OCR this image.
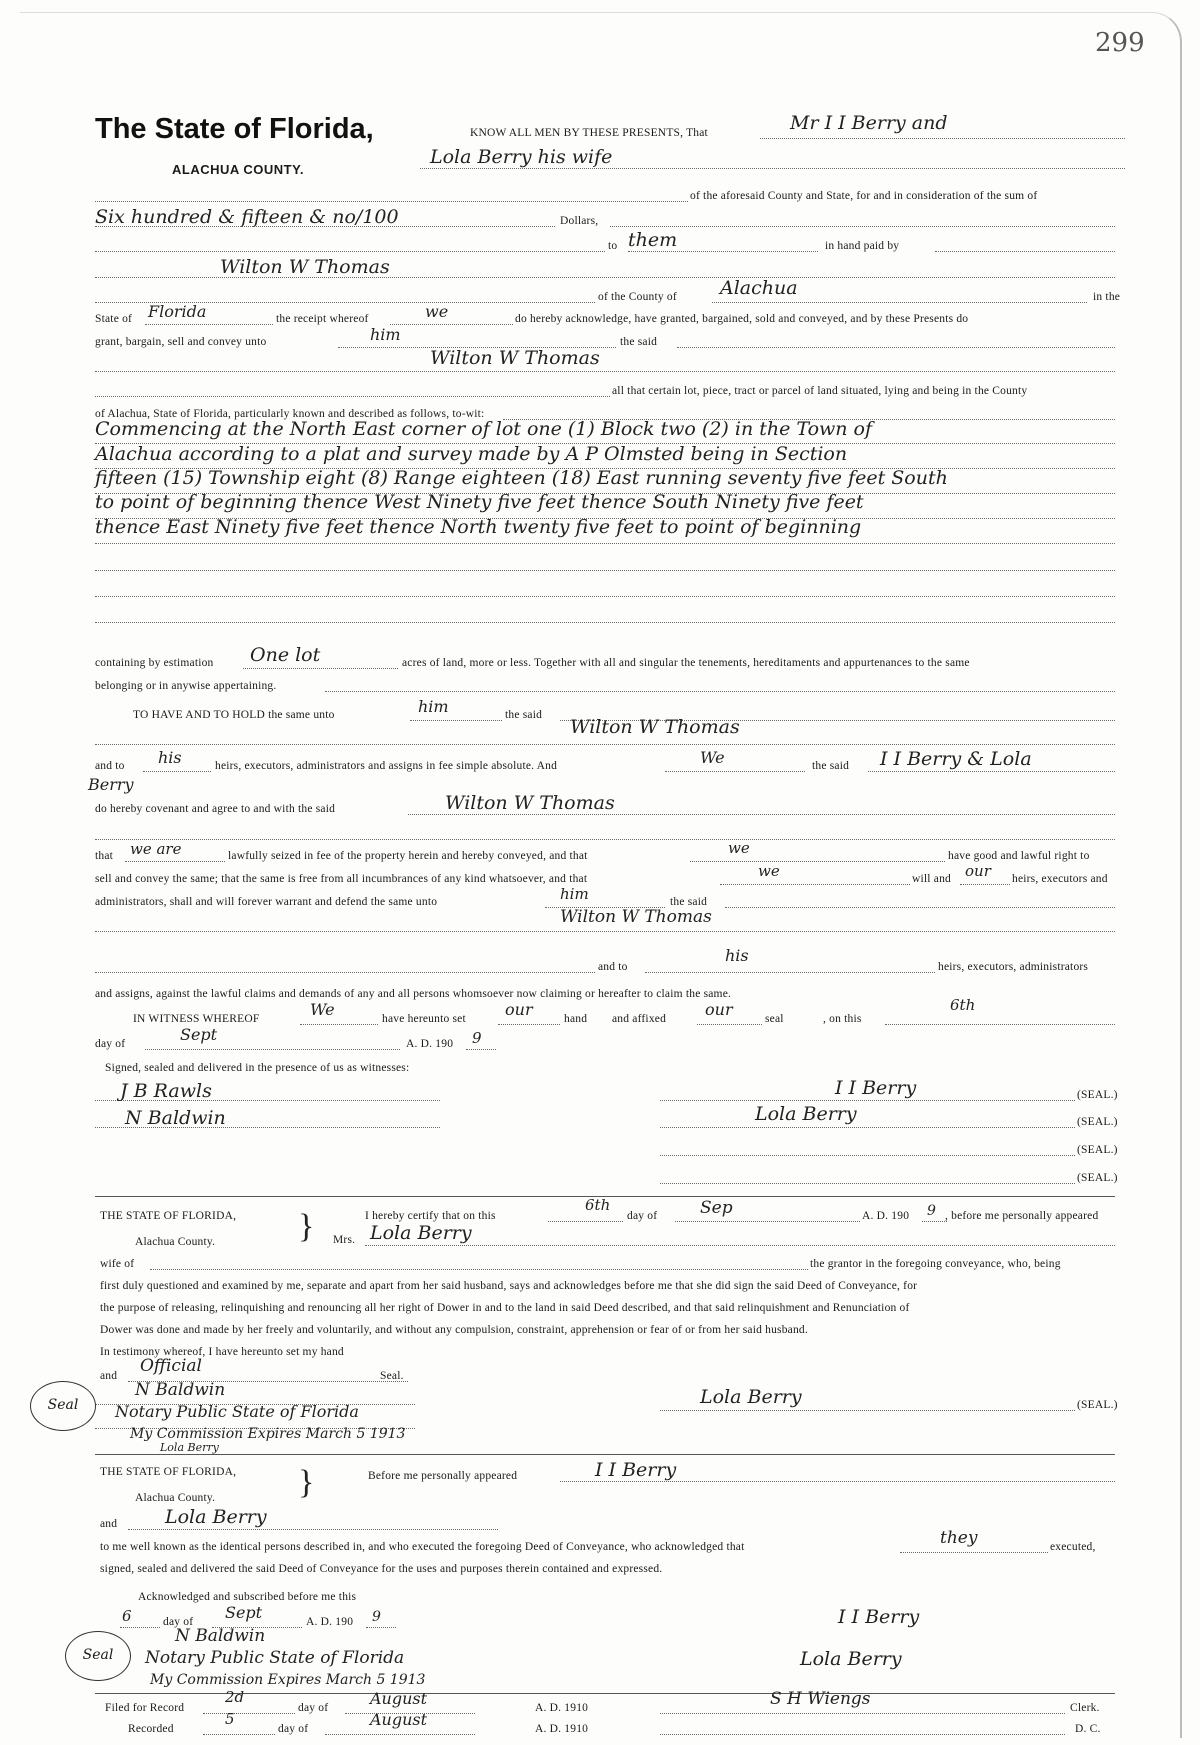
299
The State of Florida,
ALACHUA COUNTY.
KNOW ALL MEN BY THESE PRESENTS, That	Mr I I Berry and
Lola Berry his wife
of the aforesaid County and State, for and in consideration of the sum of
Six hundred & fifteen & no/100	Dollars,
to them	in hand paid by
Wilton W Thomas
of the County of Alachua	in the
State of Florida	the receipt whereof	we	do hereby acknowledge, have granted, bargained, sold and conveyed, and by these Presents do
grant, bargain, sell and convey unto	him	the said
Wilton W Thomas
all that certain lot, piece, tract or parcel of land situated, lying and being in the County
of Alachua, State of Florida, particularly known and described as follows, to-wit:
Commencing at the North East corner of lot one (1) Block two (2) in the Town of
Alachua according to a plat and survey made by A P Olmsted being in Section
fifteen (15) Township eight (8) Range eighteen (18) East running seventy five feet South
to point of beginning thence West Ninety five feet thence South Ninety five feet
thence East Ninety five feet thence North twenty five feet to point of beginning
containing by estimation One lot	acres of land, more or less. Together with all and singular the tenements, hereditaments and appurtenances to the same
belonging or in anywise appertaining.
TO HAVE AND TO HOLD the same unto	him	the said
Wilton W Thomas
and to his	heirs, executors, administrators and assigns in fee simple absolute. And	We	the said I I Berry & Lola
Berry
do hereby covenant and agree to and with the said	Wilton W Thomas
that we are	lawfully seized in fee of the property herein and hereby conveyed, and that	we	have good and lawful right to
sell and convey the same; that the same is free from all incumbrances of any kind whatsoever, and that	we	will and our heirs, executors and
administrators, shall and will forever warrant and defend the same unto	him	the said
Wilton W Thomas
and to
his
heirs, executors, administrators
and assigns, against the lawful claims and demands of any and all persons whomsoever now claiming or hereafter to claim the same.
IN WITNESS WHEREOF	We	have hereunto set our	hand and affixed our	seal	, on this
6th
day of	Sept	A. D. 190 9
Signed, sealed and delivered in the presence of us as witnesses:
J B Rawls
N Baldwin
I I Berry	(SEAL.)
Lola Berry	(SEAL.)
(SEAL.)
(SEAL.)
THE STATE OF FLORIDA,
Alachua County. }	I hereby certify that on this
6th
day of	Sep	A. D. 190 9 , before me personally appeared
Mrs. Lola Berry
wife of	the grantor in the foregoing conveyance, who, being
first duly questioned and examined by me, separate and apart from her said husband, says and acknowledges before me that she did sign the said Deed of Conveyance, for
the purpose of releasing, relinquishing and renouncing all her right of Dower in and to the land in said Deed described, and that said relinquishment and Renunciation of
Dower was done and made by her freely and voluntarily, and without any compulsion, constraint, apprehension or fear of or from her said husband.
In testimony whereof, I have hereunto set my hand
and Official	Seal.
N Baldwin
Notary Public State of Florida
My Commission Expires March 5 1913
Lola Berry
Seal	Lola Berry	(SEAL.)
THE STATE OF FLORIDA,
Alachua County. }	Before me personally appeared	I I Berry
and	Lola Berry
to me well known as the identical persons described in, and who executed the foregoing Deed of Conveyance, who acknowledged that	they	executed,
signed, sealed and delivered the said Deed of Conveyance for the uses and purposes therein contained and expressed.
Acknowledged and subscribed before me this
6	day of Sept	A. D. 190 9
N Baldwin
Notary Public State of Florida
My Commission Expires March 5 1913
Seal
I I Berry
Lola Berry
Filed for Record
2d
day of	August	A. D. 1910	S H Wiengs	Clerk.
Recorded
5
day of	August	A. D. 1910	D. C.
